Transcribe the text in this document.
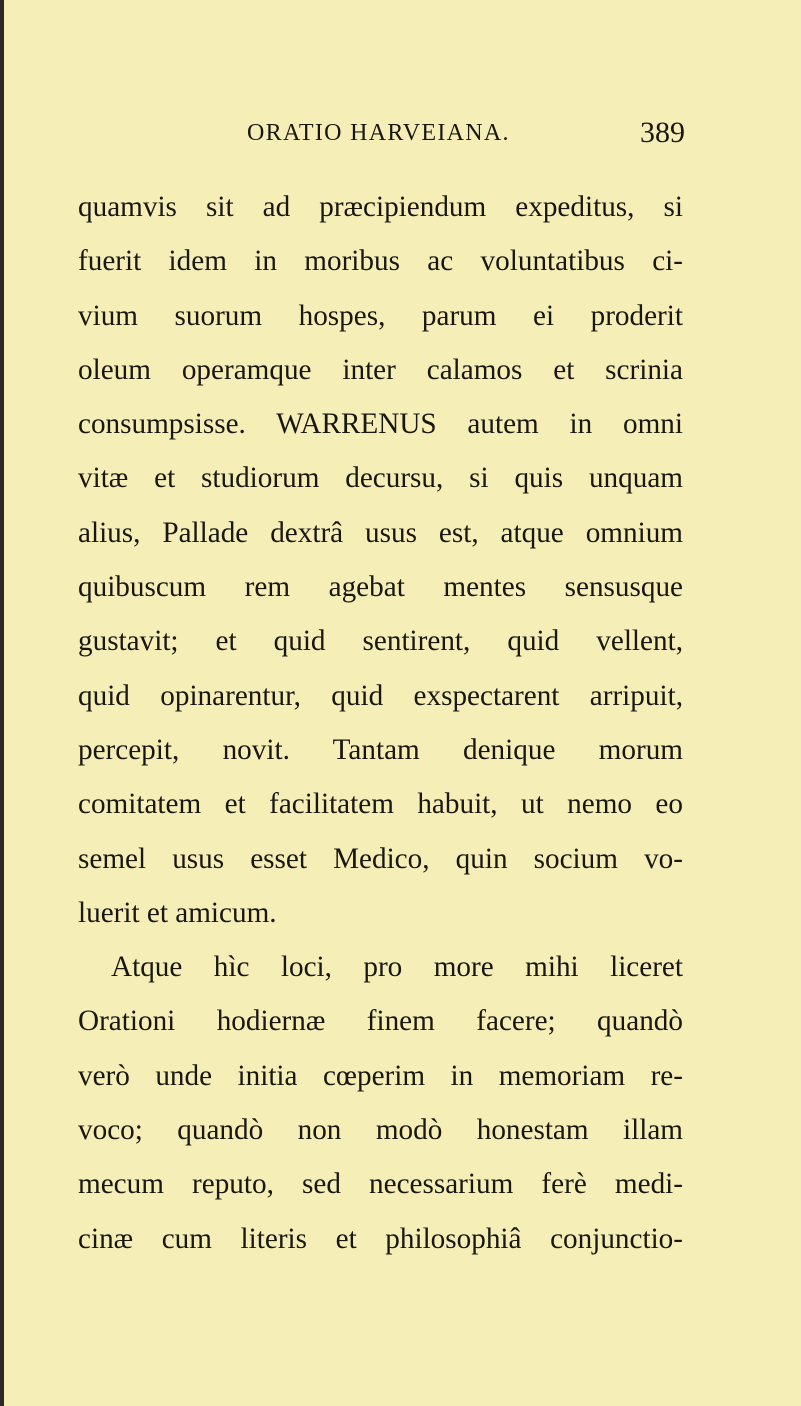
ORATIO HARVEIANA.	389
quamvis sit ad præcipiendum expeditus, si
fuerit idem in moribus ac voluntatibus ci-
vium suorum hospes, parum ei proderit
oleum operamque inter calamos et scrinia
consumpsisse. WARRENUS autem in omni
vitæ et studiorum decursu, si quis unquam
alius, Pallade dextrâ usus est, atque omnium
quibuscum rem agebat mentes sensusque
gustavit; et quid sentirent, quid vellent,
quid opinarentur, quid exspectarent arripuit,
percepit, novit. Tantam denique morum
comitatem et facilitatem habuit, ut nemo eo
semel usus esset Medico, quin socium vo-
luerit et amicum.
Atque hìc loci, pro more mihi liceret
Orationi hodiernæ finem facere; quandò
verò unde initia cœperim in memoriam re-
voco; quandò non modò honestam illam
mecum reputo, sed necessarium ferè medi-
cinæ cum literis et philosophiâ conjunctio-
